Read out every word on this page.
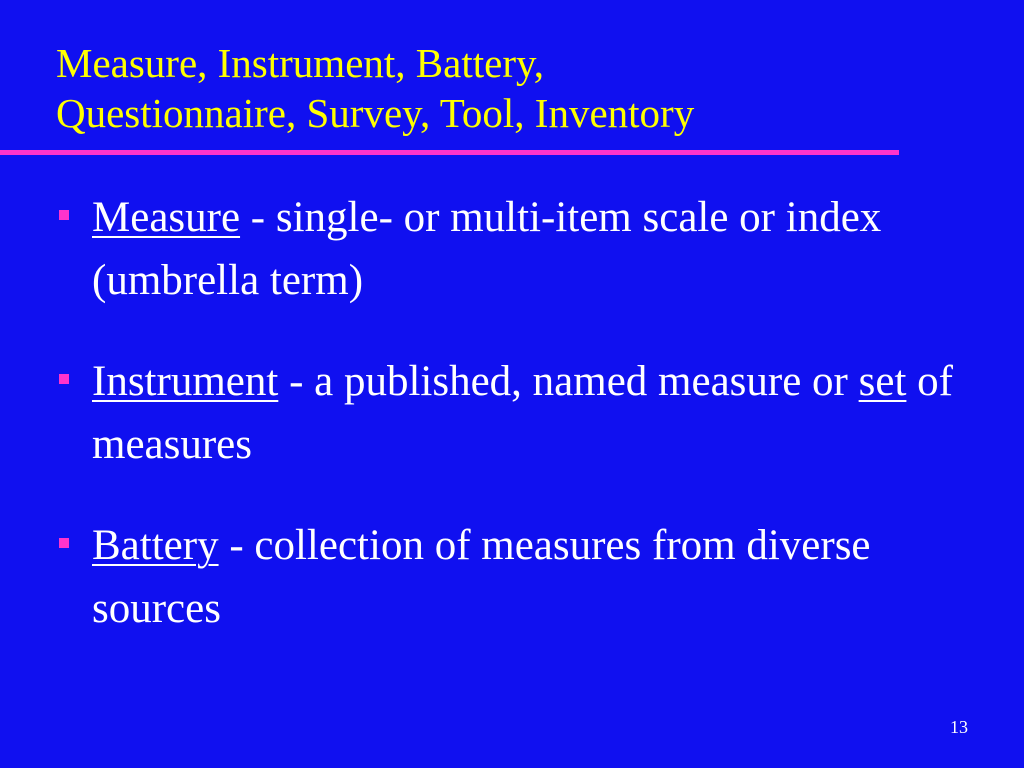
Measure, Instrument, Battery,
Questionnaire, Survey, Tool, Inventory
Measure - single- or multi-item scale or index (umbrella term)
Instrument - a published, named measure or set of measures
Battery - collection of measures from diverse sources
13
